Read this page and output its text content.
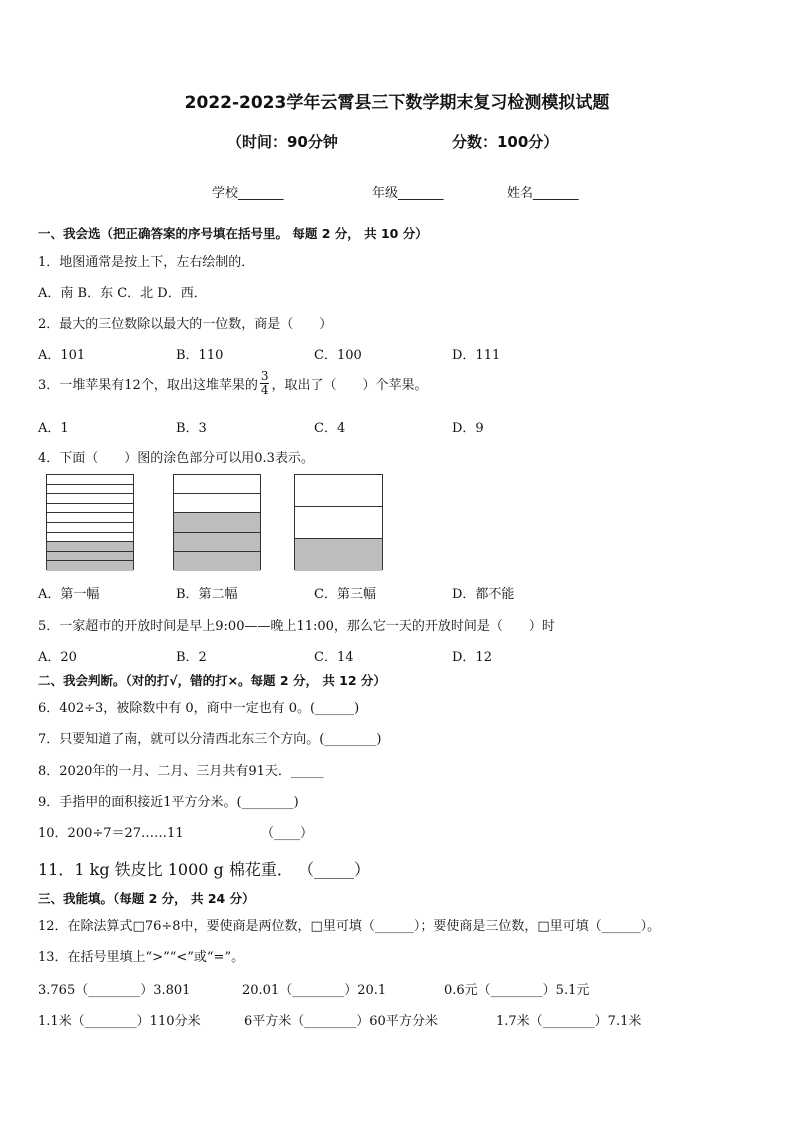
2022-2023学年云霄县三下数学期末复习检测模拟试题
（时间：90分钟	分数：100分）
学校_______	年级_______	姓名_______
一、我会选（把正确答案的序号填在括号里。 每题 2 分， 共 10 分）
1．地图通常是按上下，左右绘制的．
A．南 B．东 C．北 D．西．
2．最大的三位数除以最大的一位数，商是（　　）
A．101	B．110	C．100	D．111
3．一堆苹果有12个，取出这堆苹果的 $\frac{3}{4}$ ，取出了（　　）个苹果。
A．1	B．3	C．4	D．9
4．下面（　　）图的涂色部分可以用0.3表示。
A．第一幅	B．第二幅	C．第三幅	D．都不能
5．一家超市的开放时间是早上9:00——晚上11:00，那么它一天的开放时间是（　　）时
A．20	B．2	C．14	D．12
二、我会判断。（对的打√，错的打×。每题 2 分， 共 12 分）
6．402÷3，被除数中有 0，商中一定也有 0。(______)
7．只要知道了南，就可以分清西北东三个方向。(________)
8．2020年的一月、二月、三月共有91天．_____
9．手指甲的面积接近1平方分米。(________)
10．200÷7＝27……11	（____）
11．1 kg 铁皮比 1000 g 棉花重． （_____）
三、我能填。（每题 2 分， 共 24 分）
12．在除法算式□76÷8中，要使商是两位数，□里可填（______）；要使商是三位数，□里可填（______）。
13．在括号里填上“>”“<”或“=”。
3.765（________）3.801	20.01（________）20.1	0.6元（________）5.1元
1.1米（________）110分米	6平方米（________）60平方分米	1.7米（________）7.1米
